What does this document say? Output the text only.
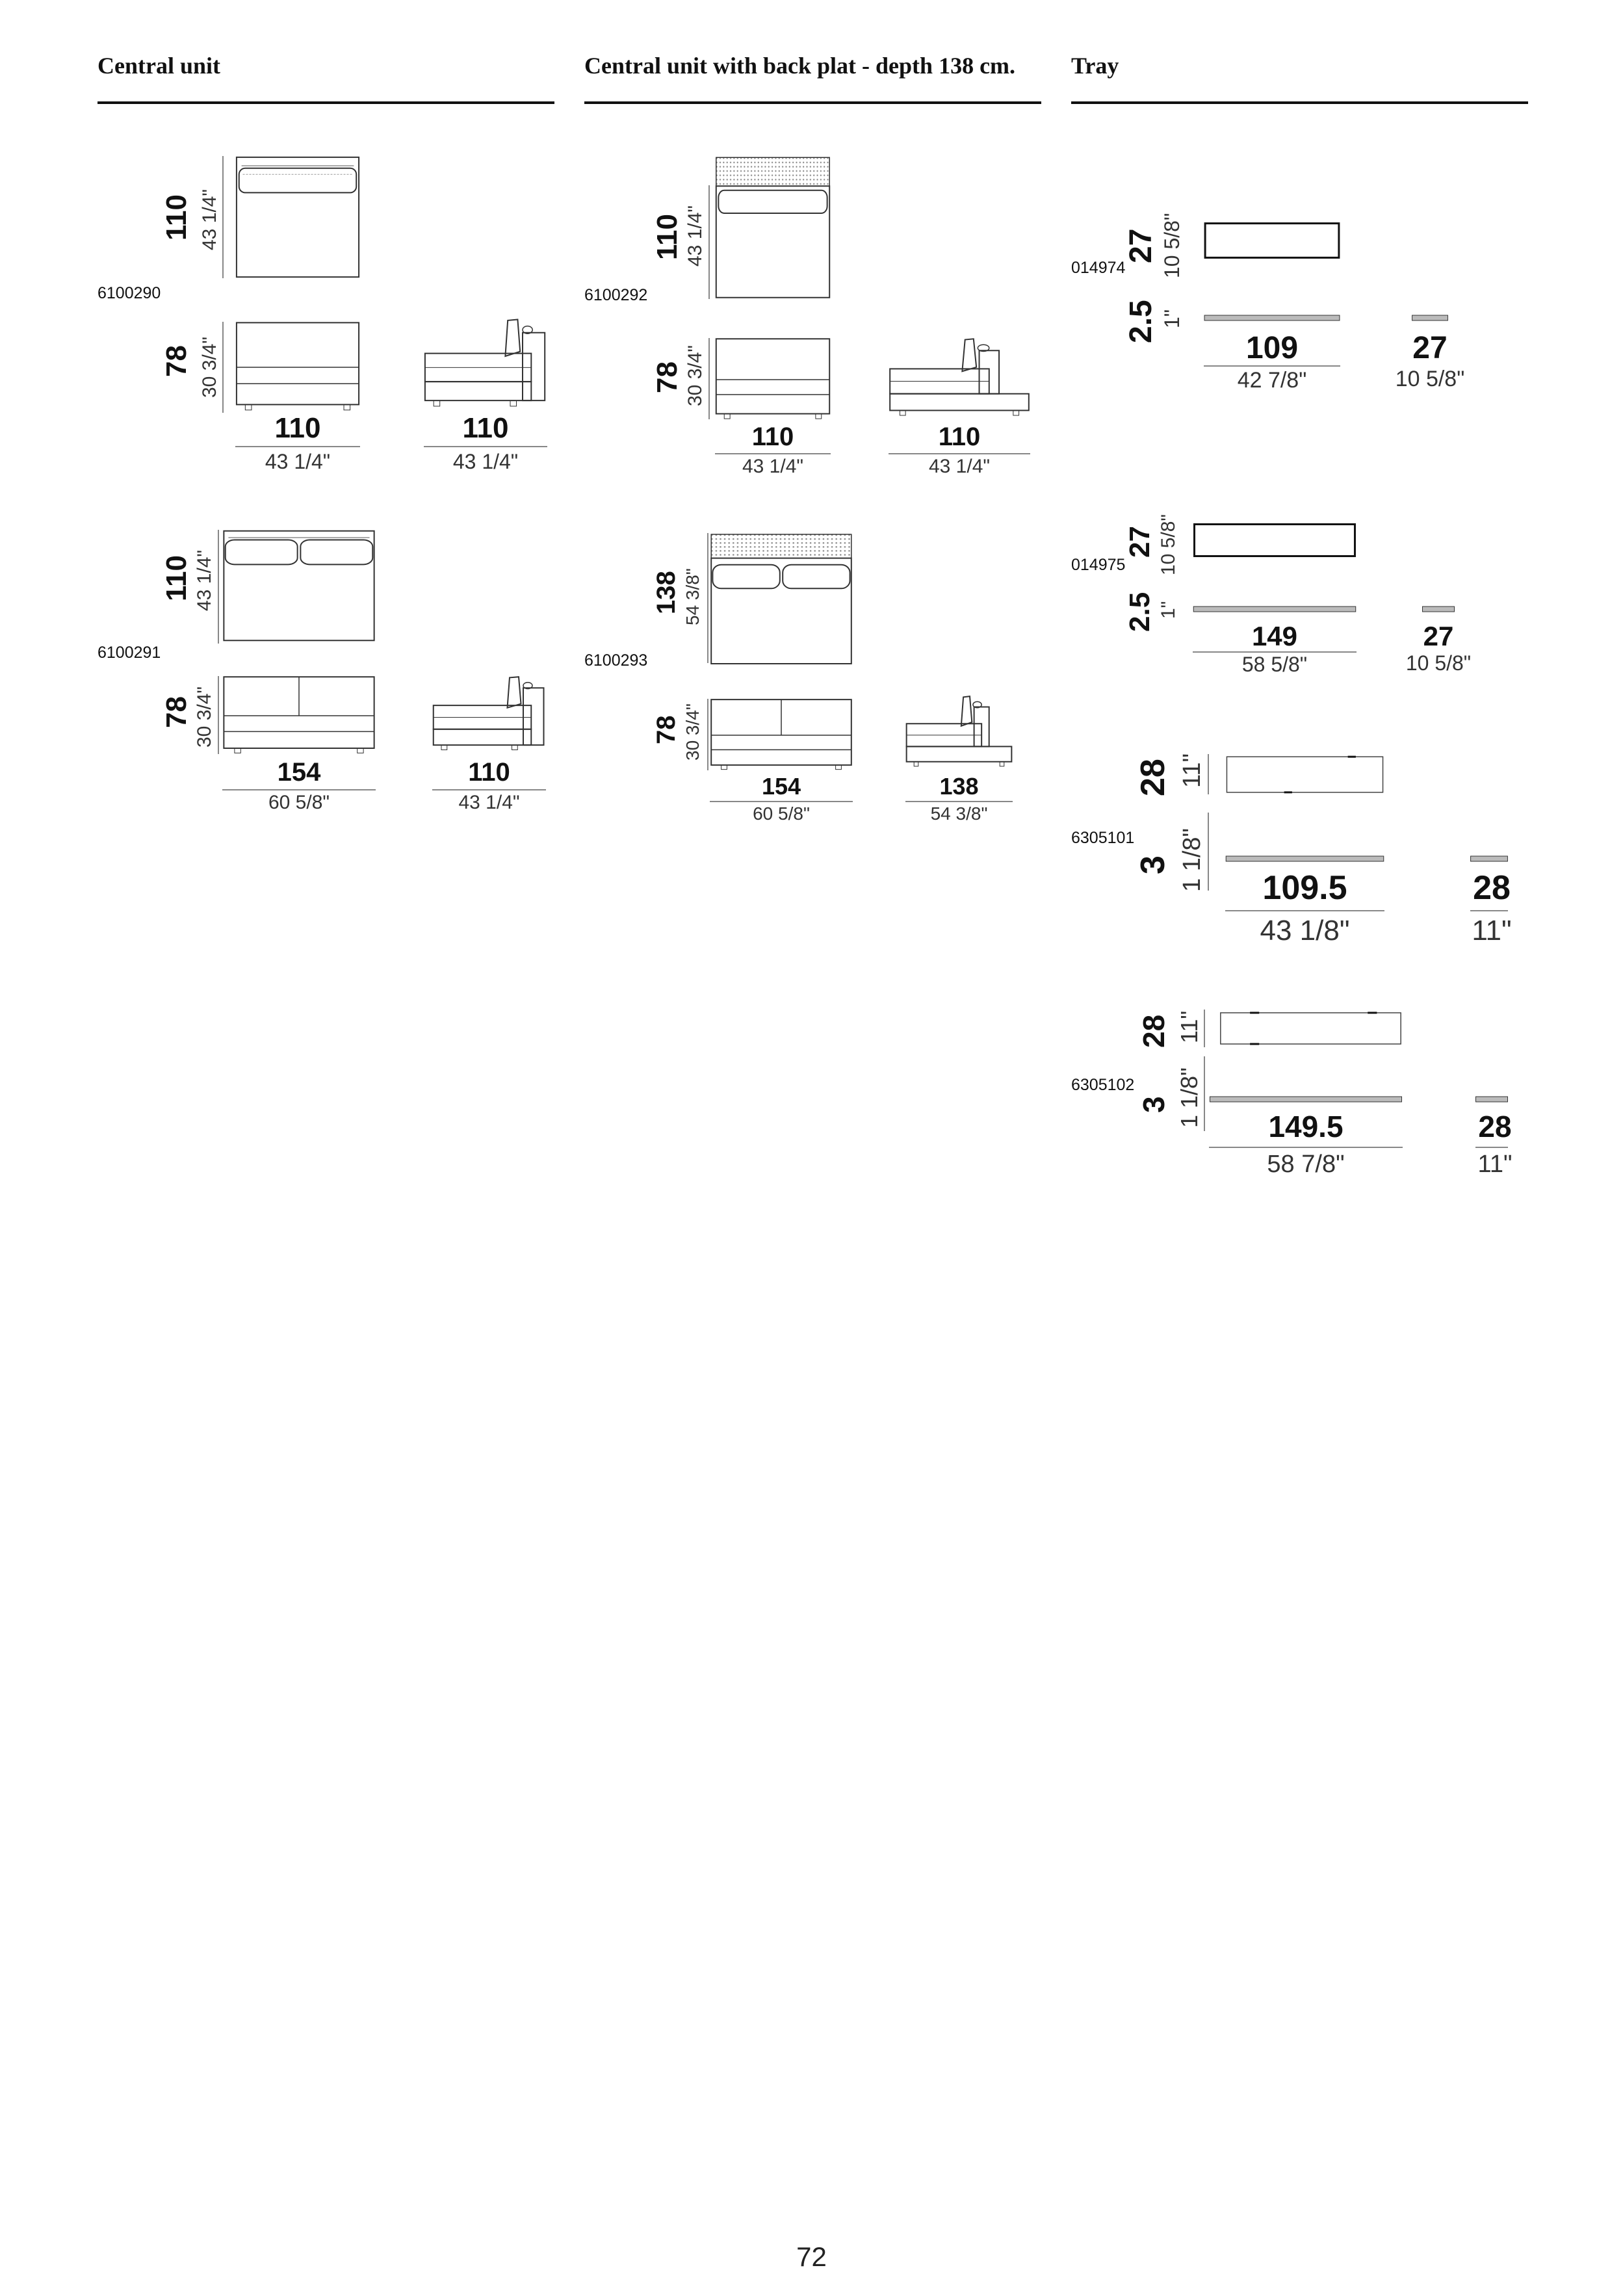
Central unit	Central unit with back plat - depth 138 cm. Tray
6100290
110 43 1/4"
78 30 3/4"
110
43 1/4"
110
43 1/4"
6100291
110 43 1/4"
78 30 3/4"
154
60 5/8"
110
43 1/4"
6100292
110 43 1/4"
78 30 3/4"
110
43 1/4"
110
43 1/4"
6100293
138 54 3/8"
78 30 3/4"
154
60 5/8"
138
54 3/8"
014974
27 10 5/8"
2.5 1"
109
42 7/8"
27
10 5/8"
014975
27 10 5/8"
2.5 1"
149
58 5/8"
27
10 5/8"
6305101
28 11"
3 1 1/8"	109.5
43 1/8"
28
11"
6305102
28 11"
3 1 1/8"	149.5
58 7/8"
28
11"
72
